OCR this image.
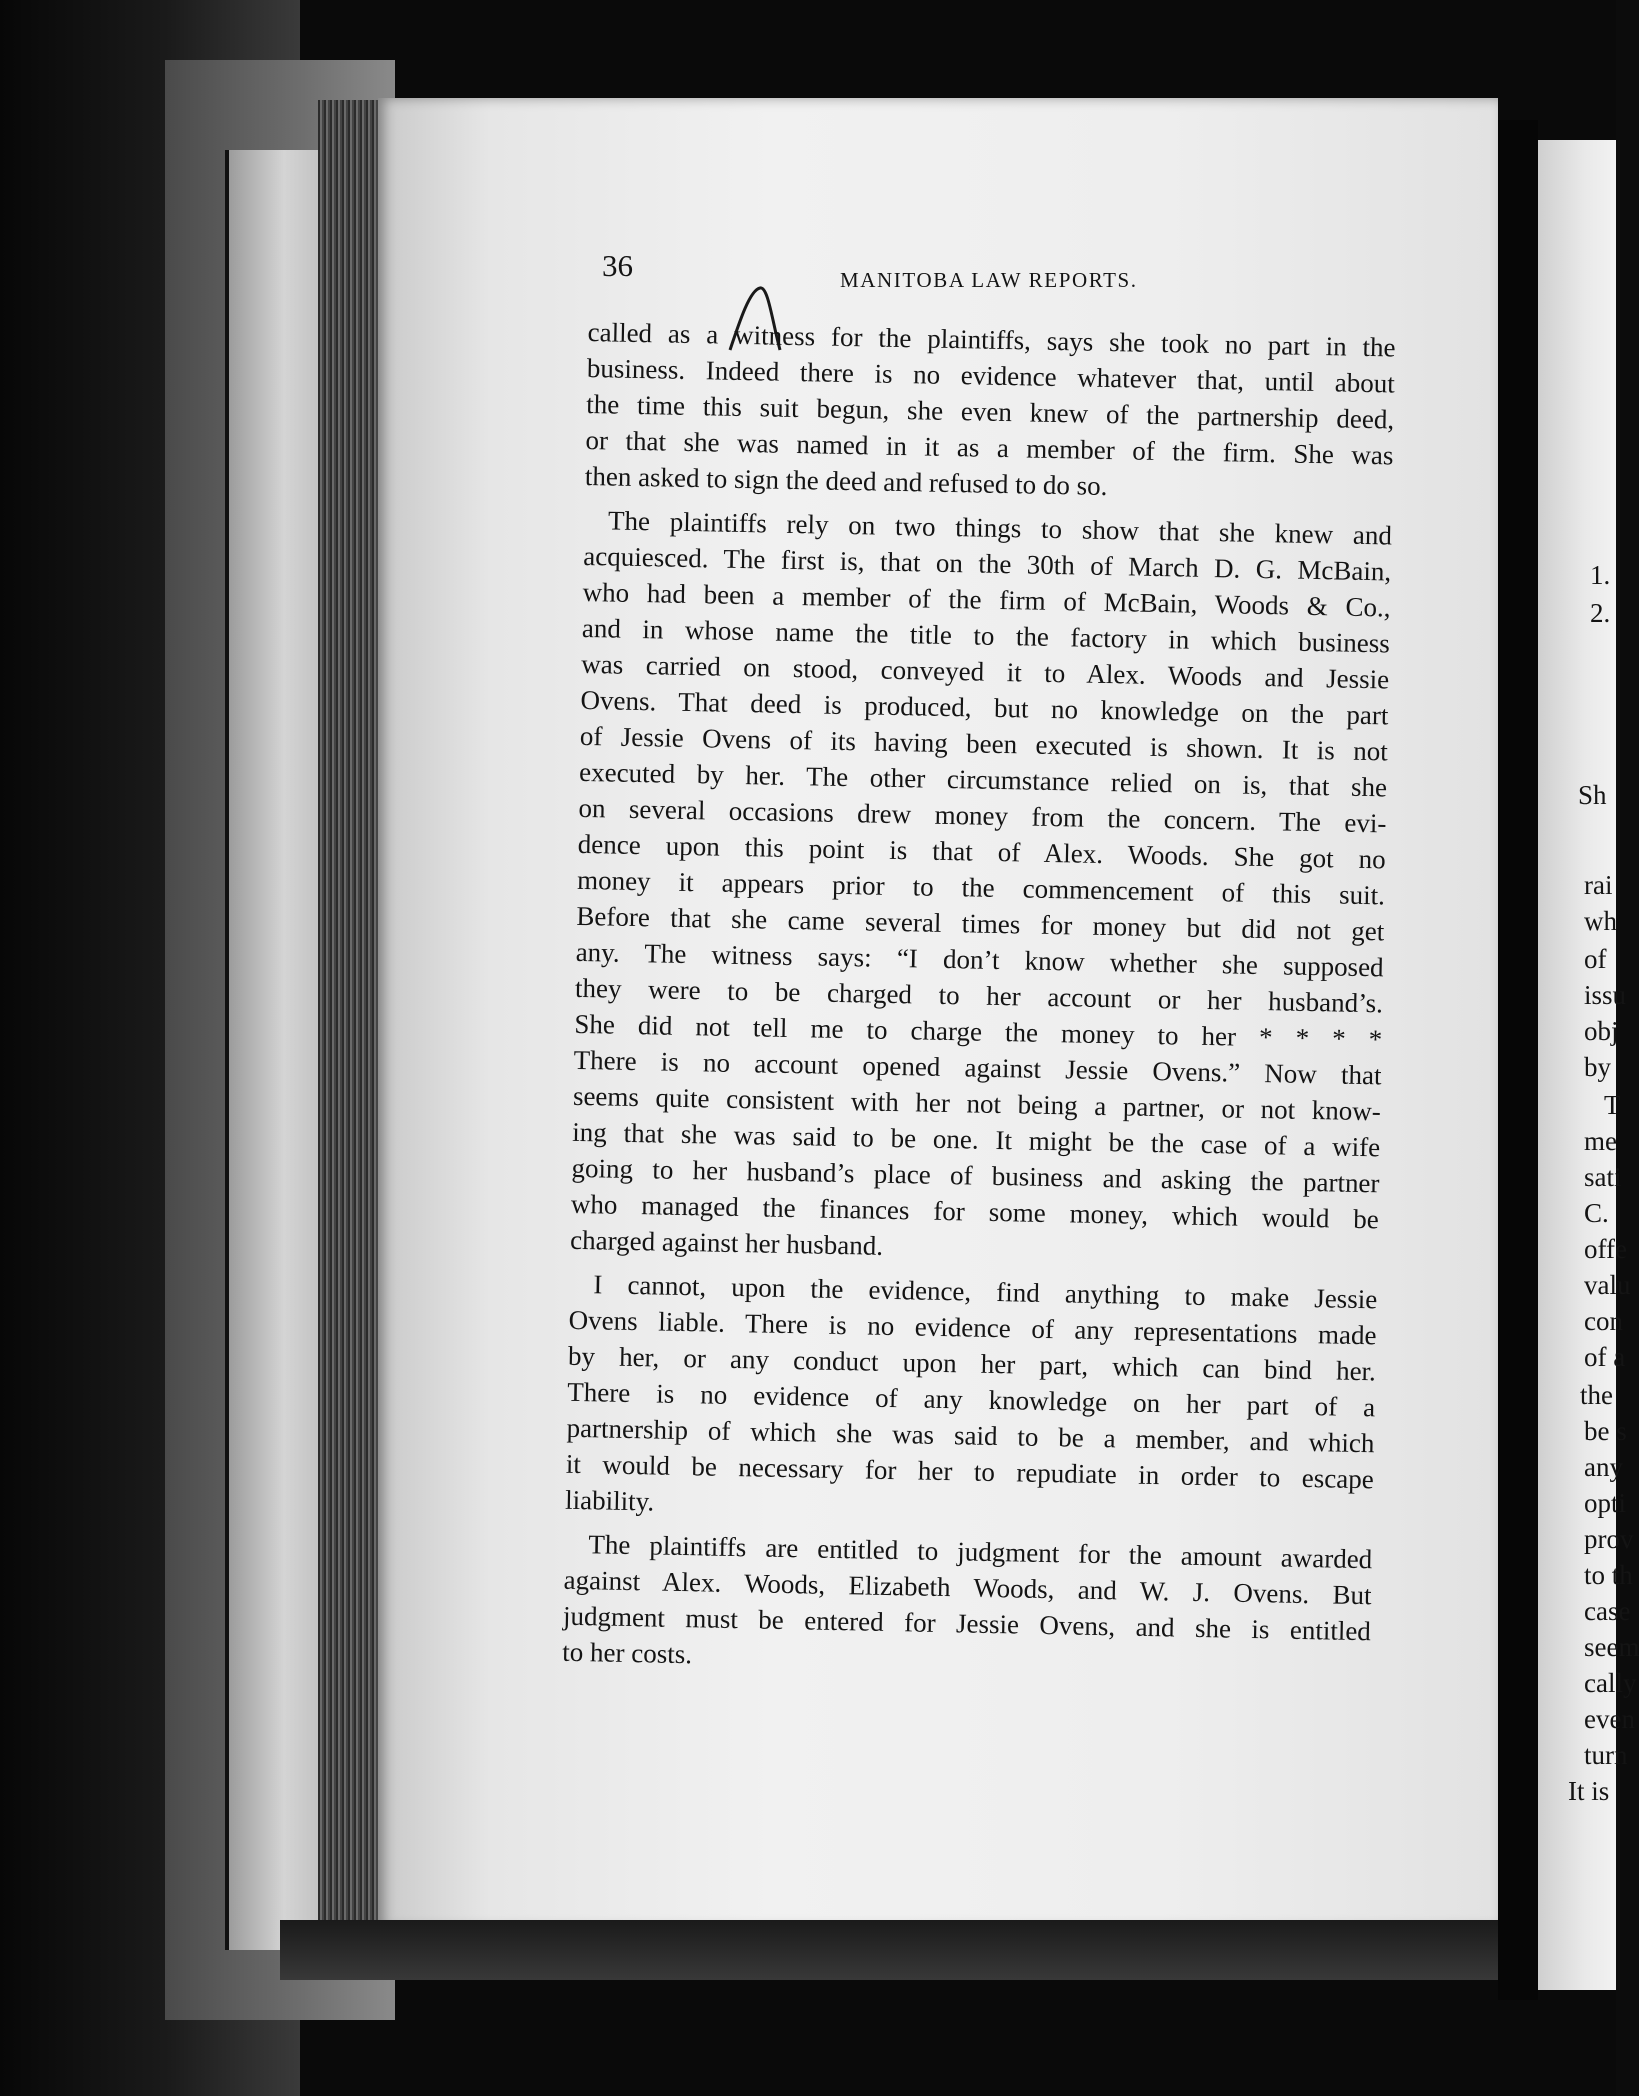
36	MANITOBA LAW REPORTS.
called as a witness for the plaintiffs, says she took no part in the
business. Indeed there is no evidence whatever that, until about
the time this suit begun, she even knew of the partnership deed,
or that she was named in it as a member of the firm. She was
then asked to sign the deed and refused to do so.
The plaintiffs rely on two things to show that she knew and
acquiesced. The first is, that on the 30th of March D. G. McBain,
who had been a member of the firm of McBain, Woods & Co.,
and in whose name the title to the factory in which business
was carried on stood, conveyed it to Alex. Woods and Jessie
Ovens. That deed is produced, but no knowledge on the part
of Jessie Ovens of its having been executed is shown. It is not
executed by her. The other circumstance relied on is, that she
on several occasions drew money from the concern. The evi-
dence upon this point is that of Alex. Woods. She got no
money it appears prior to the commencement of this suit.
Before that she came several times for money but did not get
any. The witness says: “I don’t know whether she supposed
they were to be charged to her account or her husband’s.
She did not tell me to charge the money to her * * * *
There is no account opened against Jessie Ovens.” Now that
seems quite consistent with her not being a partner, or not know-
ing that she was said to be one. It might be the case of a wife
going to her husband’s place of business and asking the partner
who managed the finances for some money, which would be
charged against her husband.
I cannot, upon the evidence, find anything to make Jessie
Ovens liable. There is no evidence of any representations made
by her, or any conduct upon her part, which can bind her.
There is no evidence of any knowledge on her part of a
partnership of which she was said to be a member, and which
it would be necessary for her to repudiate in order to escape
liability.
The plaintiffs are entitled to judgment for the amount awarded
against Alex. Woods, Elizabeth Woods, and W. J. Ovens. But
judgment must be entered for Jessie Ovens, and she is entitled
to her costs.
1.
2.
Sh
rai
wh
of
issu
obj
by
T
me
sati
C.
offe
valu
con
of a
the
be s
any
opti
prov
to th
case
seem
cally
even
turn
It is
